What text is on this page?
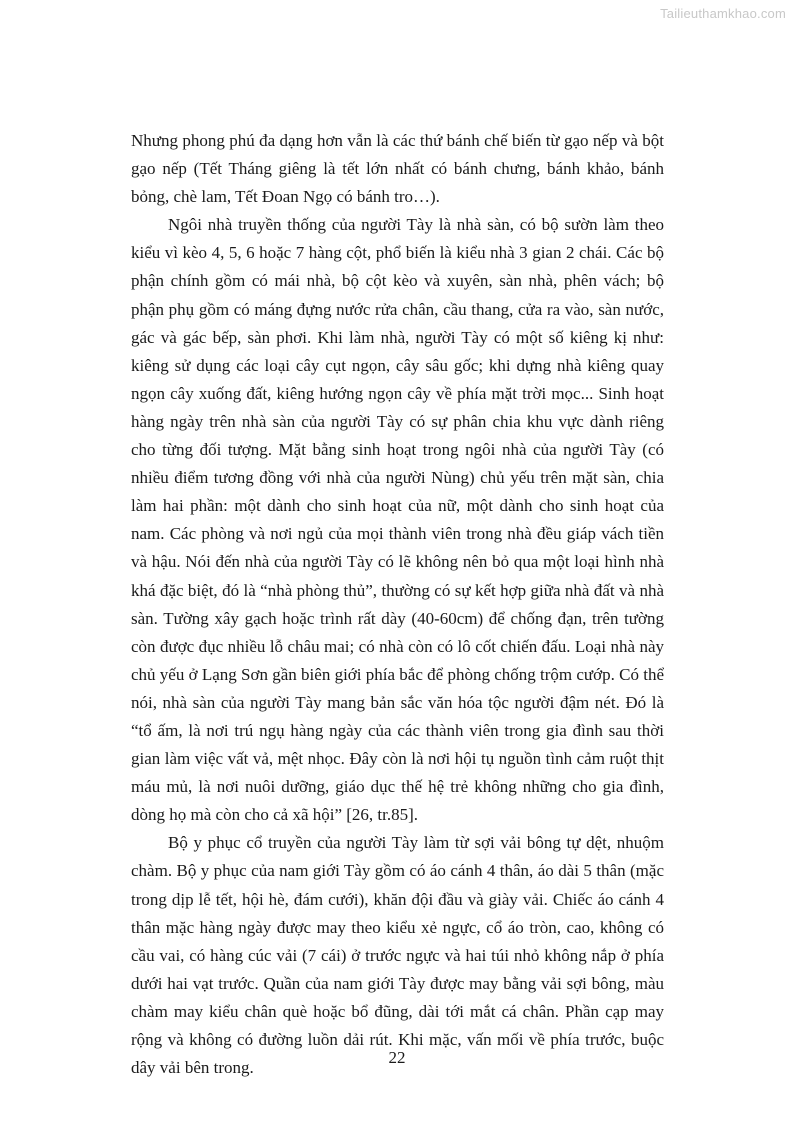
Tailieuthamkhao.com

Nhưng phong phú đa dạng hơn vẫn là các thứ bánh chế biến từ gạo nếp và bột gạo nếp (Tết Tháng giêng là tết lớn nhất có bánh chưng, bánh khảo, bánh bỏng, chè lam, Tết Đoan Ngọ có bánh tro…).

Ngôi nhà truyền thống của người Tày là nhà sàn, có bộ sườn làm theo kiểu vì kèo 4, 5, 6 hoặc 7 hàng cột, phổ biến là kiểu nhà 3 gian 2 chái. Các bộ phận chính gồm có mái nhà, bộ cột kèo và xuyên, sàn nhà, phên vách; bộ phận phụ gồm có máng đựng nước rửa chân, cầu thang, cửa ra vào, sàn nước, gác và gác bếp, sàn phơi. Khi làm nhà, người Tày có một số kiêng kị như: kiêng sử dụng các loại cây cụt ngọn, cây sâu gốc; khi dựng nhà kiêng quay ngọn cây xuống đất, kiêng hướng ngọn cây về phía mặt trời mọc... Sinh hoạt hàng ngày trên nhà sàn của người Tày có sự phân chia khu vực dành riêng cho từng đối tượng. Mặt bằng sinh hoạt trong ngôi nhà của người Tày (có nhiều điểm tương đồng với nhà của người Nùng) chủ yếu trên mặt sàn, chia làm hai phần: một dành cho sinh hoạt của nữ, một dành cho sinh hoạt của nam. Các phòng và nơi ngủ của mọi thành viên trong nhà đều giáp vách tiền và hậu. Nói đến nhà của người Tày có lẽ không nên bỏ qua một loại hình nhà khá đặc biệt, đó là “nhà phòng thủ”, thường có sự kết hợp giữa nhà đất và nhà sàn. Tường xây gạch hoặc trình rất dày (40-60cm) để chống đạn, trên tường còn được đục nhiều lỗ châu mai; có nhà còn có lô cốt chiến đấu. Loại nhà này chủ yếu ở Lạng Sơn gần biên giới phía bắc để phòng chống trộm cướp. Có thể nói, nhà sàn của người Tày mang bản sắc văn hóa tộc người đậm nét. Đó là “tổ ấm, là nơi trú ngụ hàng ngày của các thành viên trong gia đình sau thời gian làm việc vất vả, mệt nhọc. Đây còn là nơi hội tụ nguồn tình cảm ruột thịt máu mủ, là nơi nuôi dưỡng, giáo dục thế hệ trẻ không những cho gia đình, dòng họ mà còn cho cả xã hội” [26, tr.85].

Bộ y phục cổ truyền của người Tày làm từ sợi vải bông tự dệt, nhuộm chàm. Bộ y phục của nam giới Tày gồm có áo cánh 4 thân, áo dài 5 thân (mặc trong dịp lễ tết, hội hè, đám cưới), khăn đội đầu và giày vải. Chiếc áo cánh 4 thân mặc hàng ngày được may theo kiểu xẻ ngực, cổ áo tròn, cao, không có cầu vai, có hàng cúc vải (7 cái) ở trước ngực và hai túi nhỏ không nắp ở phía dưới hai vạt trước. Quần của nam giới Tày được may bằng vải sợi bông, màu chàm may kiểu chân què hoặc bổ đũng, dài tới mắt cá chân. Phần cạp may rộng và không có đường luồn dải rút. Khi mặc, vấn mối về phía trước, buộc dây vải bên trong.

22
